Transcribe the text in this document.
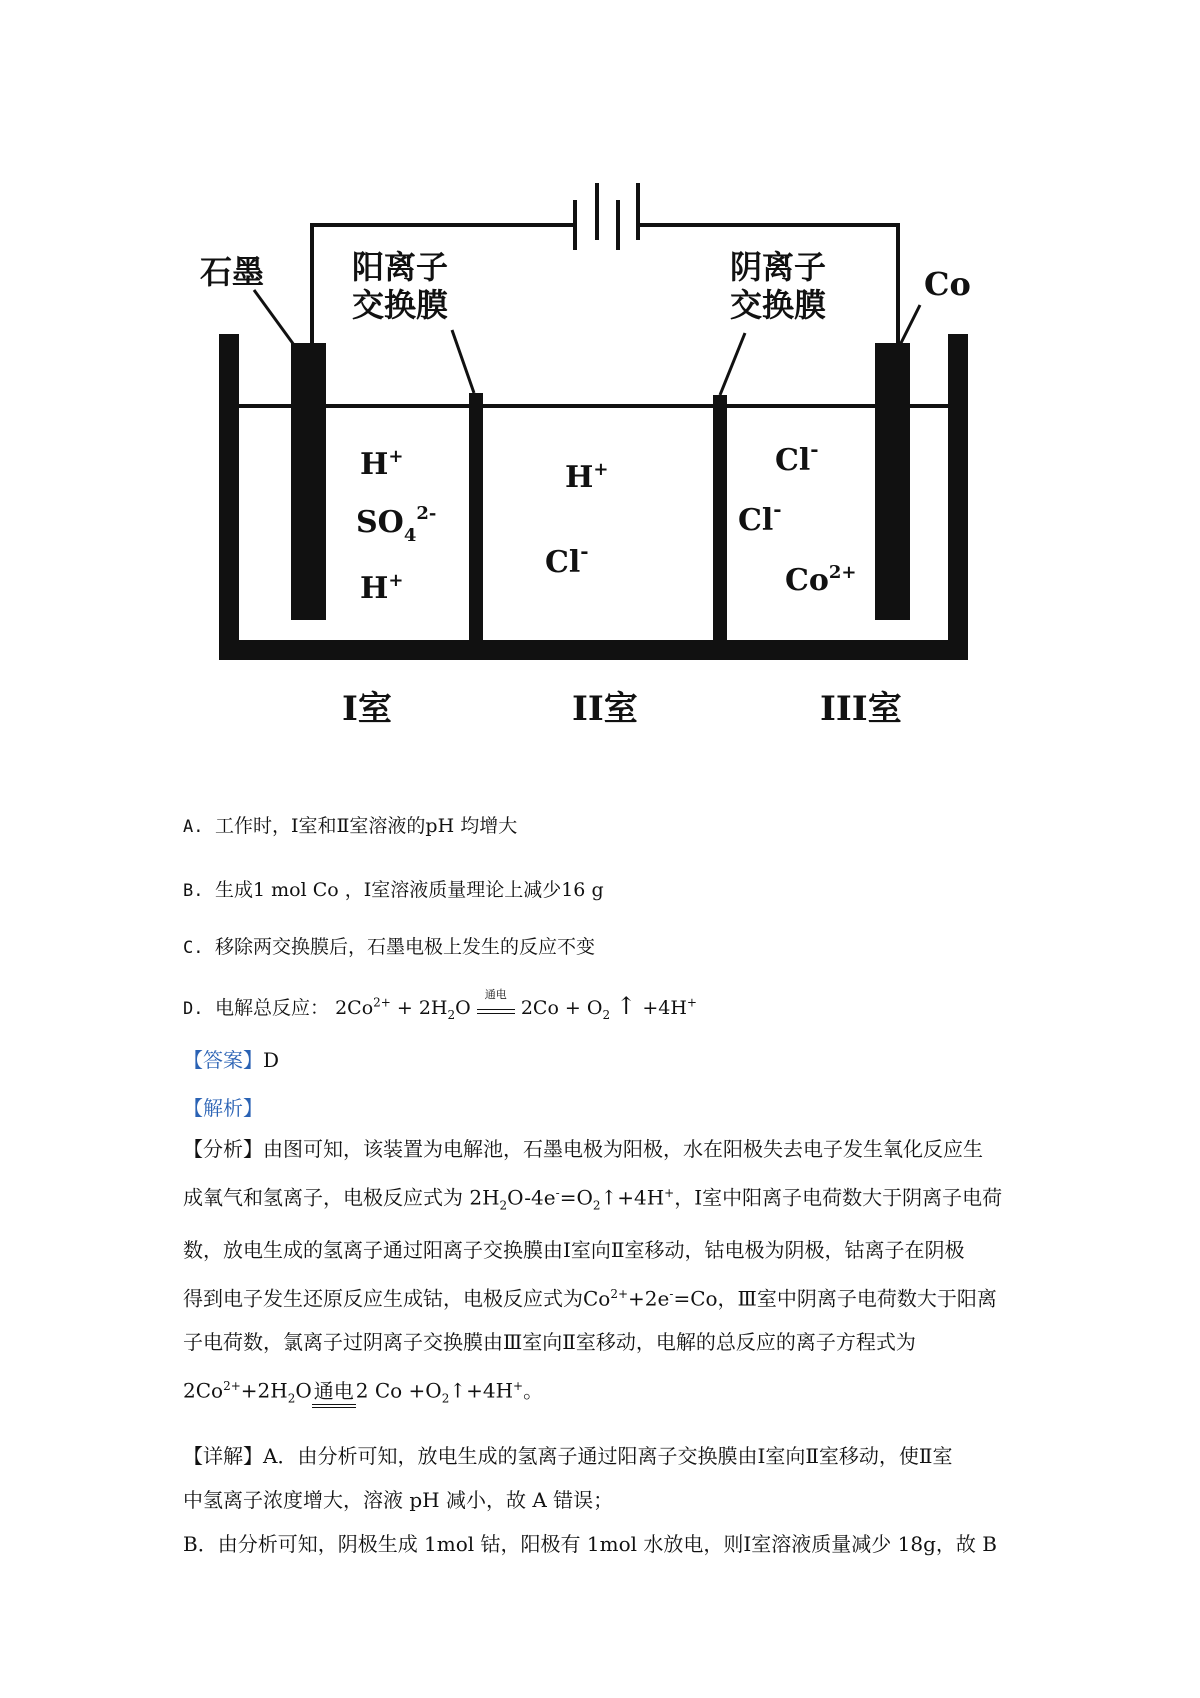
石墨	阳离子
交换膜
阴离子
交换膜
Co
H+
$SO_4^{2-}$
H+
H+
Cl-
Cl-
Cl-
$Co^{2+}$
I室	II室	III室
A. 工作时，Ⅰ室和Ⅱ室溶液的pH 均增大
B. 生成1 mol Co ，Ⅰ室溶液质量理论上减少16 g
C. 移除两交换膜后，石墨电极上发生的反应不变
D. 电解总反应： $2Co^{2+} + 2H_2O$
通电
$2Co + O_2$ ↑ +4H+
【答案】D
【解析】
【分析】由图可知，该装置为电解池，石墨电极为阳极，水在阳极失去电子发生氧化反应生
成氧气和氢离子，电极反应式为 $2H_2O-4e^-=O_2↑+4H^+$，Ⅰ室中阳离子电荷数大于阴离子电荷
数，放电生成的氢离子通过阳离子交换膜由Ⅰ室向Ⅱ室移动，钴电极为阴极，钴离子在阴极
得到电子发生还原反应生成钴，电极反应式为$Co^{2+}+2e^-=Co$，Ⅲ室中阴离子电荷数大于阳离
子电荷数，氯离子过阴离子交换膜由Ⅲ室向Ⅱ室移动，电解的总反应的离子方程式为
$2Co^{2+}+2H_2O$ 通电 2 $Co +O_2↑+4H^+$。
【详解】A．由分析可知，放电生成的氢离子通过阳离子交换膜由Ⅰ室向Ⅱ室移动，使Ⅱ室
中氢离子浓度增大，溶液 pH 减小，故 A 错误；
B．由分析可知，阴极生成 1mol 钴，阳极有 1mol 水放电，则Ⅰ室溶液质量减少 18g，故 B
